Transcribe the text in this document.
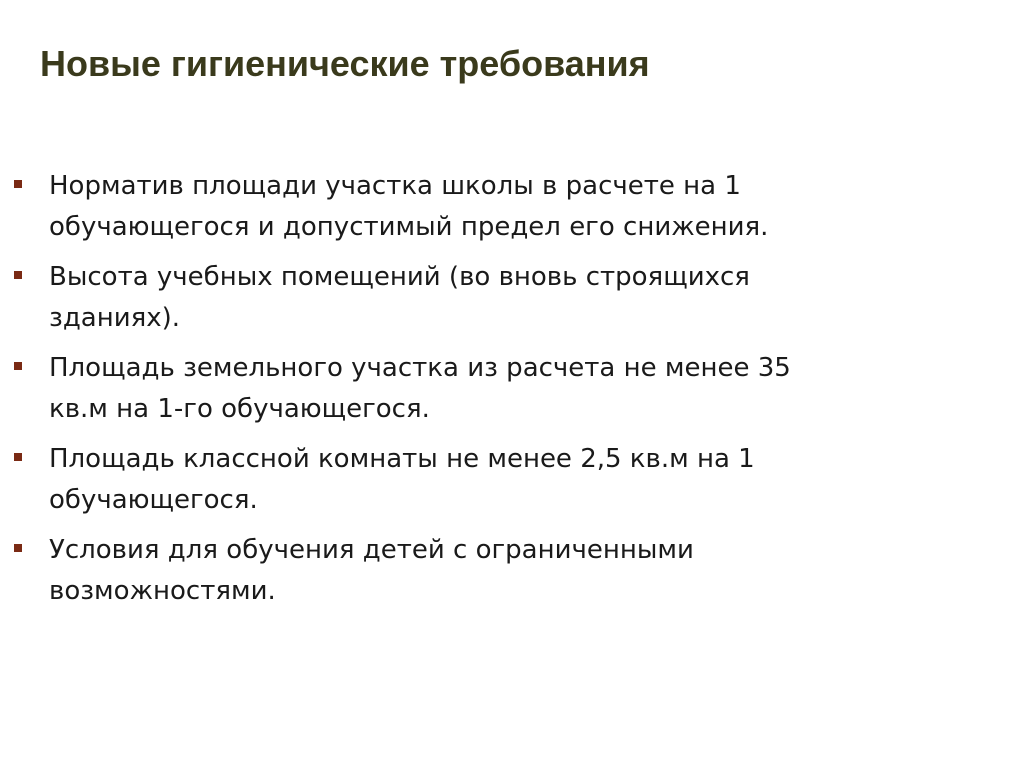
Новые гигиенические требования
Норматив площади участка школы в расчете на 1 обучающегося и допустимый предел его снижения.
Высота учебных помещений (во вновь строящихся зданиях).
Площадь земельного участка из расчета не менее 35 кв.м на 1-го обучающегося.
Площадь классной комнаты не менее 2,5 кв.м на 1 обучающегося.
Условия для обучения детей с ограниченными возможностями.
